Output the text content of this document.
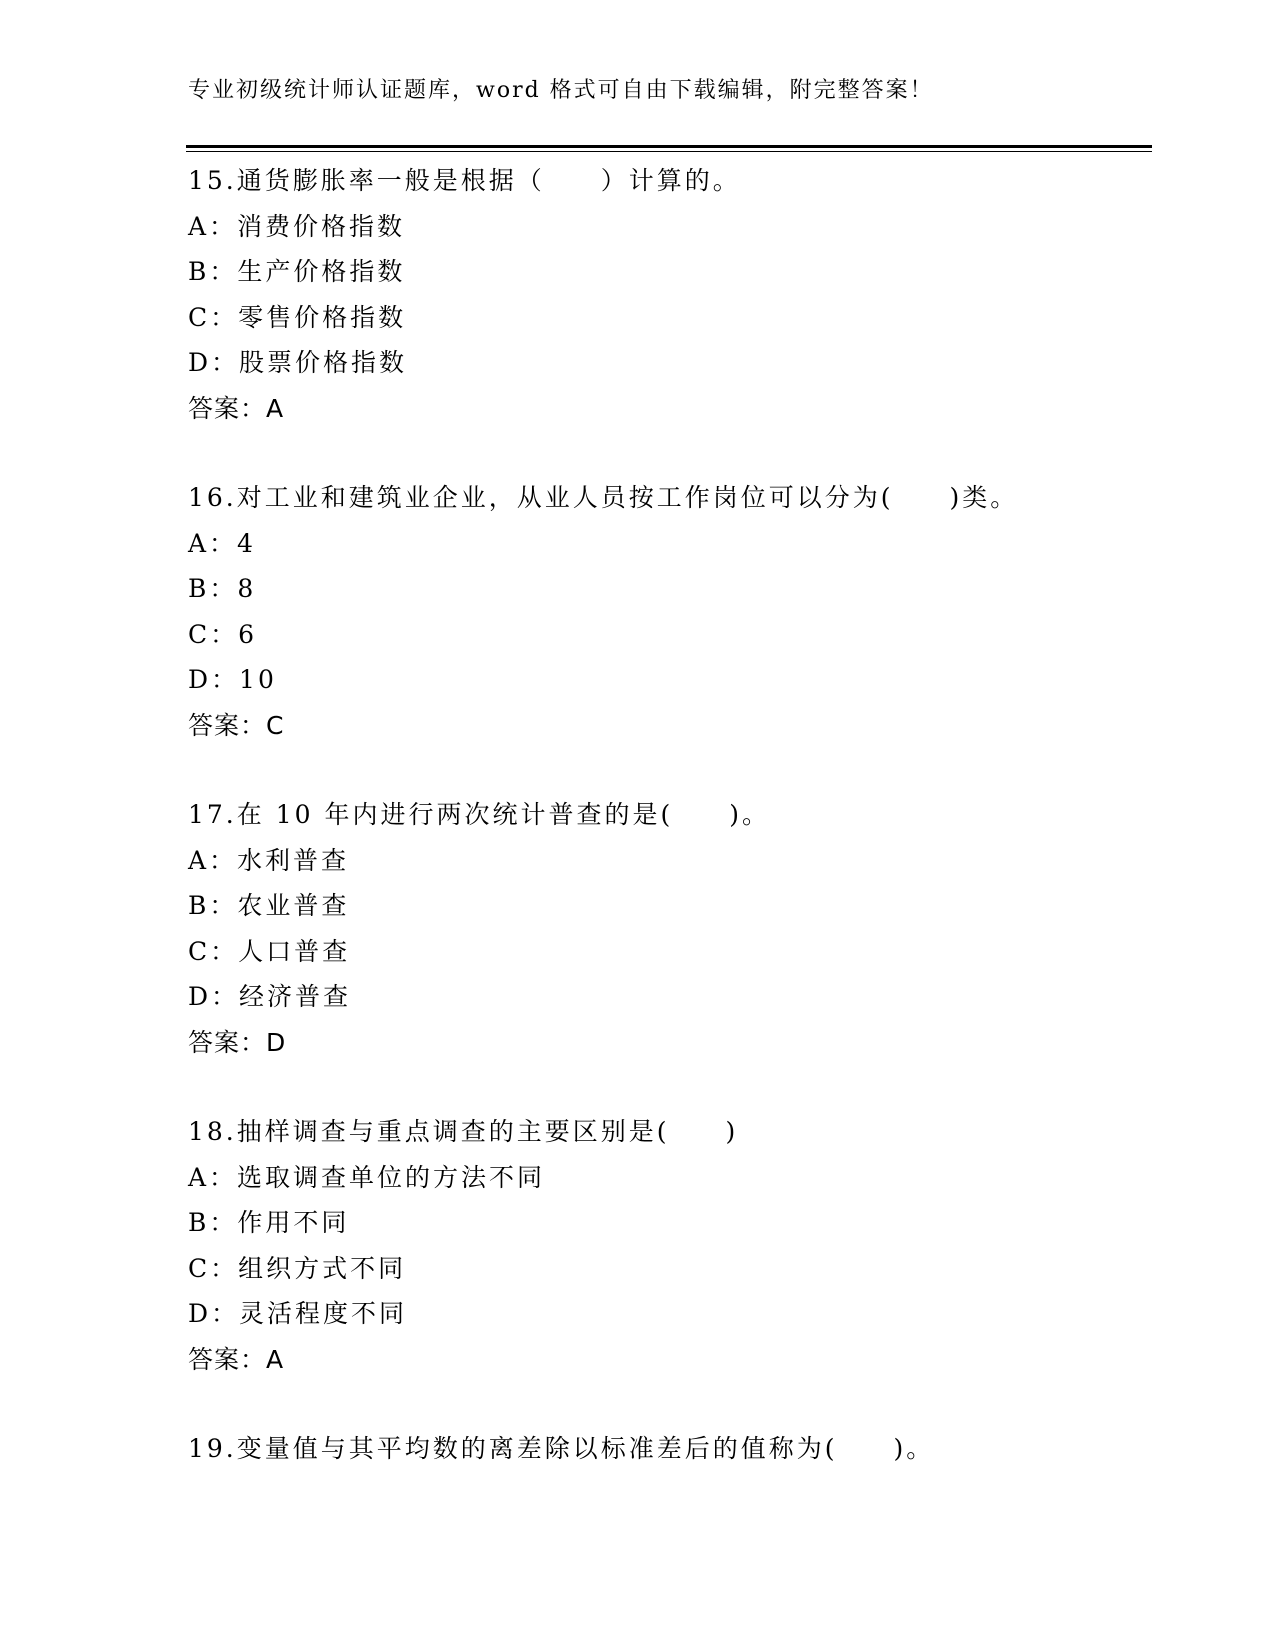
专业初级统计师认证题库，word 格式可自由下载编辑，附完整答案！
15.通货膨胀率一般是根据（　　）计算的。
A：消费价格指数
B：生产价格指数
C：零售价格指数
D：股票价格指数
答案：A
16.对工业和建筑业企业，从业人员按工作岗位可以分为(　　)类。
A：4
B：8
C：6
D：10
答案：C
17.在 10 年内进行两次统计普查的是(　　)。
A：水利普查
B：农业普查
C：人口普查
D：经济普查
答案：D
18.抽样调查与重点调查的主要区别是(　　)
A：选取调查单位的方法不同
B：作用不同
C：组织方式不同
D：灵活程度不同
答案：A
19.变量值与其平均数的离差除以标准差后的值称为(　　)。
